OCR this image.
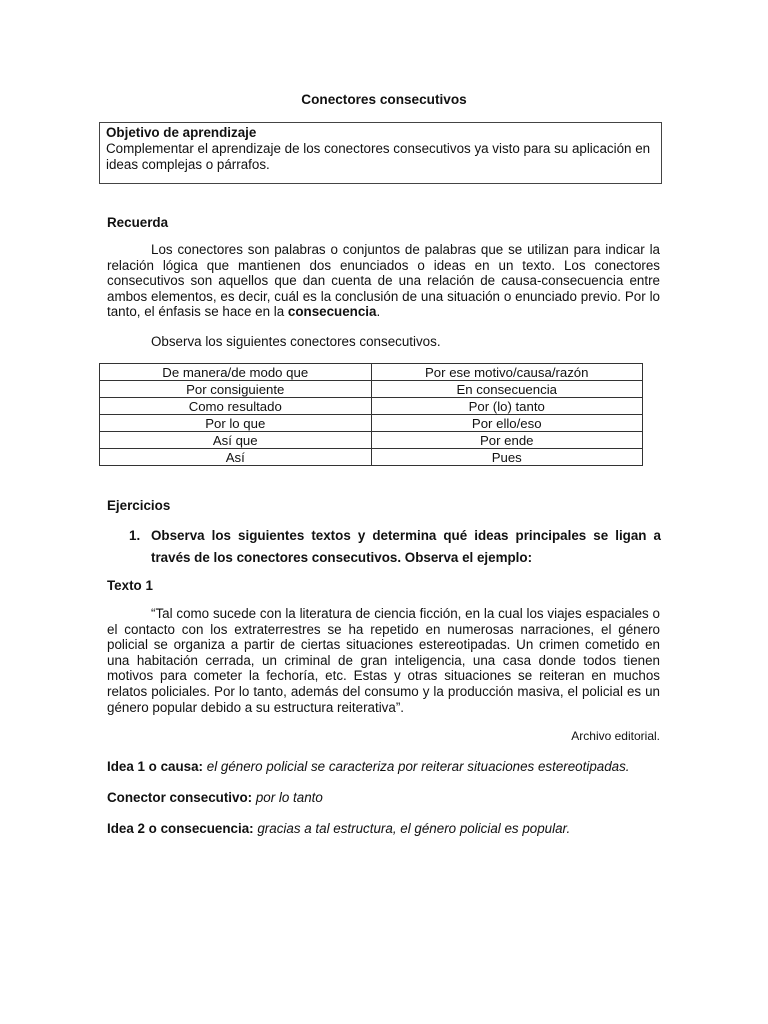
Conectores consecutivos
Objetivo de aprendizaje
Complementar el aprendizaje de los conectores consecutivos ya visto para su aplicación en ideas complejas o párrafos.
Recuerda
Los conectores son palabras o conjuntos de palabras que se utilizan para indicar la relación lógica que mantienen dos enunciados o ideas en un texto. Los conectores consecutivos son aquellos que dan cuenta de una relación de causa-consecuencia entre ambos elementos, es decir, cuál es la conclusión de una situación o enunciado previo. Por lo tanto, el énfasis se hace en la consecuencia.
Observa los siguientes conectores consecutivos.
De manera/de modo que	Por ese motivo/causa/razón
Por consiguiente	En consecuencia
Como resultado	Por (lo) tanto
Por lo que	Por ello/eso
Así que	Por ende
Así	Pues
Ejercicios
1. Observa los siguientes textos y determina qué ideas principales se ligan a través de los conectores consecutivos. Observa el ejemplo:
Texto 1
“Tal como sucede con la literatura de ciencia ficción, en la cual los viajes espaciales o el contacto con los extraterrestres se ha repetido en numerosas narraciones, el género policial se organiza a partir de ciertas situaciones estereotipadas. Un crimen cometido en una habitación cerrada, un criminal de gran inteligencia, una casa donde todos tienen motivos para cometer la fechoría, etc. Estas y otras situaciones se reiteran en muchos relatos policiales. Por lo tanto, además del consumo y la producción masiva, el policial es un género popular debido a su estructura reiterativa”.
Archivo editorial.
Idea 1 o causa: el género policial se caracteriza por reiterar situaciones estereotipadas.
Conector consecutivo: por lo tanto
Idea 2 o consecuencia: gracias a tal estructura, el género policial es popular.
